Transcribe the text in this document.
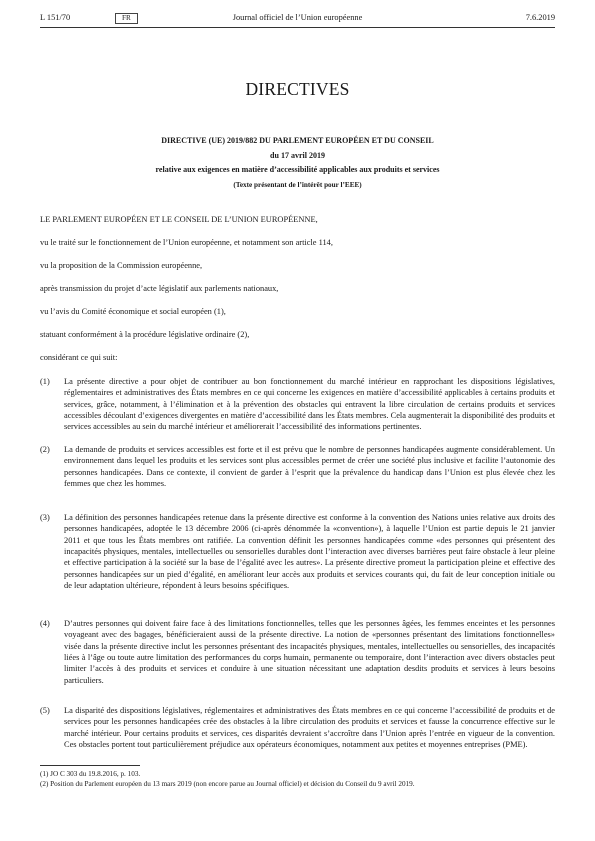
L 151/70	FR	Journal officiel de l’Union européenne	7.6.2019
DIRECTIVES
DIRECTIVE (UE) 2019/882 DU PARLEMENT EUROPÉEN ET DU CONSEIL
du 17 avril 2019
relative aux exigences en matière d’accessibilité applicables aux produits et services
(Texte présentant de l’intérêt pour l’EEE)

LE PARLEMENT EUROPÉEN ET LE CONSEIL DE L’UNION EUROPÉENNE,

vu le traité sur le fonctionnement de l’Union européenne, et notamment son article 114,

vu la proposition de la Commission européenne,

après transmission du projet d’acte législatif aux parlements nationaux,

vu l’avis du Comité économique et social européen (1),

statuant conformément à la procédure législative ordinaire (2),

considérant ce qui suit:

(1) La présente directive a pour objet de contribuer au bon fonctionnement du marché intérieur en rapprochant les dispositions législatives, réglementaires et administratives des États membres en ce qui concerne les exigences en matière d’accessibilité applicables à certains produits et services, grâce, notamment, à l’élimination et à la prévention des obstacles qui entravent la libre circulation de certains produits et services accessibles découlant d’exigences divergentes en matière d’accessibilité dans les États membres. Cela augmenterait la disponibilité des produits et services accessibles au sein du marché intérieur et améliorerait l’accessibilité des informations pertinentes.
(2) La demande de produits et services accessibles est forte et il est prévu que le nombre de personnes handicapées augmente considérablement. Un environnement dans lequel les produits et les services sont plus accessibles permet de créer une société plus inclusive et facilite l’autonomie des personnes handicapées. Dans ce contexte, il convient de garder à l’esprit que la prévalence du handicap dans l’Union est plus élevée chez les femmes que chez les hommes.
(3) La définition des personnes handicapées retenue dans la présente directive est conforme à la convention des Nations unies relative aux droits des personnes handicapées, adoptée le 13 décembre 2006 (ci-après dénommée la «convention»), à laquelle l’Union est partie depuis le 21 janvier 2011 et que tous les États membres ont ratifiée. La convention définit les personnes handicapées comme «des personnes qui présentent des incapacités physiques, mentales, intellectuelles ou sensorielles durables dont l’interaction avec diverses barrières peut faire obstacle à leur pleine et effective participation à la société sur la base de l’égalité avec les autres». La présente directive promeut la participation pleine et effective des personnes handicapées sur un pied d’égalité, en améliorant leur accès aux produits et services courants qui, du fait de leur conception initiale ou de leur adaptation ultérieure, répondent à leurs besoins spécifiques.
(4) D’autres personnes qui doivent faire face à des limitations fonctionnelles, telles que les personnes âgées, les femmes enceintes et les personnes voyageant avec des bagages, bénéficieraient aussi de la présente directive. La notion de «personnes présentant des limitations fonctionnelles» visée dans la présente directive inclut les personnes présentant des incapacités physiques, mentales, intellectuelles ou sensorielles, des incapacités liées à l’âge ou toute autre limitation des performances du corps humain, permanente ou temporaire, dont l’interaction avec divers obstacles peut limiter l’accès à des produits et services et conduire à une situation nécessitant une adaptation desdits produits et services à leurs besoins particuliers.
(5) La disparité des dispositions législatives, réglementaires et administratives des États membres en ce qui concerne l’accessibilité de produits et de services pour les personnes handicapées crée des obstacles à la libre circulation des produits et services et fausse la concurrence effective sur le marché intérieur. Pour certains produits et services, ces disparités devraient s’accroître dans l’Union après l’entrée en vigueur de la convention. Ces obstacles portent tout particulièrement préjudice aux opérateurs économiques, notamment aux petites et moyennes entreprises (PME).
(1) JO C 303 du 19.8.2016, p. 103.
(2) Position du Parlement européen du 13 mars 2019 (non encore parue au Journal officiel) et décision du Conseil du 9 avril 2019.
